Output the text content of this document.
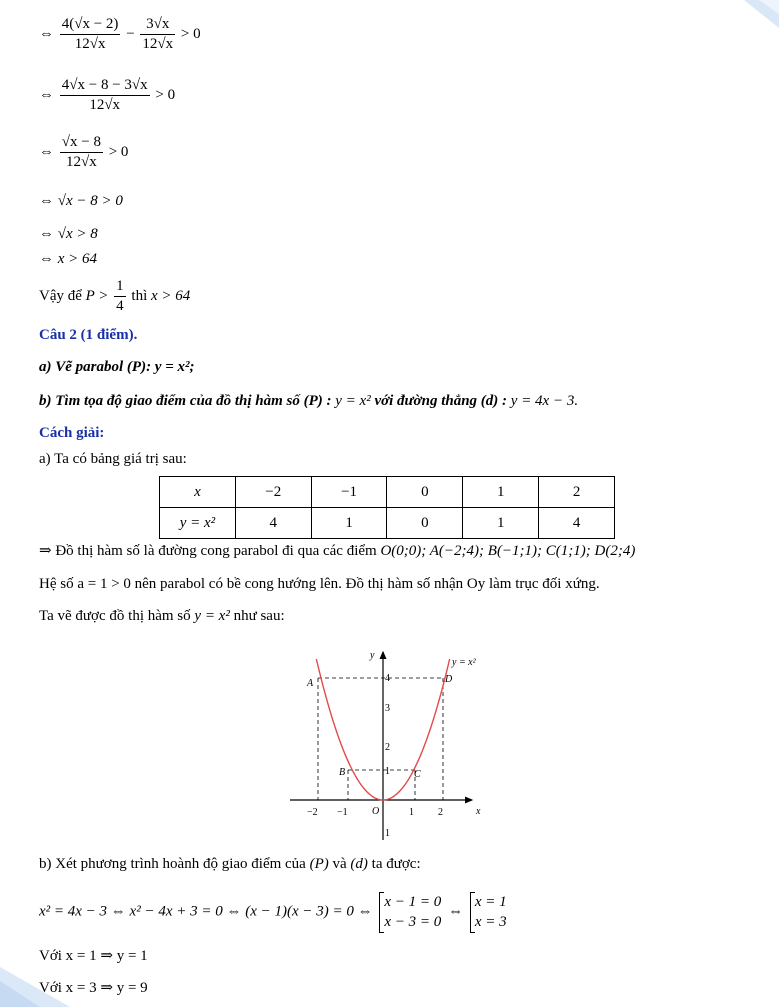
⇔ $\frac{4(√x - 2)}{12√x} - \frac{3√x}{12√x} > 0$
⇔ $\frac{4√x - 8 - 3√x}{12√x} > 0$
⇔ $\frac{√x - 8}{12√x} > 0$
⇔ √x − 8 > 0
⇔ √x > 8
⇔ x > 64
Vậy để $P > \frac{1}{4}$ thì x > 64
Câu 2 (1 điểm).
a) Vẽ parabol (P): y = x²;
b) Tìm tọa độ giao điểm của đồ thị hàm số (P) : y = x² với đường thẳng (d) : y = 4x − 3.
Cách giải:
a) Ta có bảng giá trị sau:
x	−2	−1	0	1	2
y = x²	4	1	0	1	4
⇒ Đồ thị hàm số là đường cong parabol đi qua các điểm O(0;0); A(−2;4); B(−1;1); C(1;1); D(2;4)
Hệ số a = 1 > 0 nên parabol có bề cong hướng lên. Đồ thị hàm số nhận Oy làm trục đối xứng.
Ta vẽ được đồ thị hàm số y = x² như sau:
1
2
3
4
1
−2 −1	1 2
O	x
y
A
B	C
D
y = x²
b) Xét phương trình hoành độ giao điểm của (P) và (d) ta được:
x² = 4x − 3 ⇔ x² − 4x + 3 = 0 ⇔ (x − 1)(x − 3) = 0 ⇔
x − 1 = 0
x − 3 = 0
⇔
x = 1
x = 3
Với x = 1 ⇒ y = 1
Với x = 3 ⇒ y = 9
